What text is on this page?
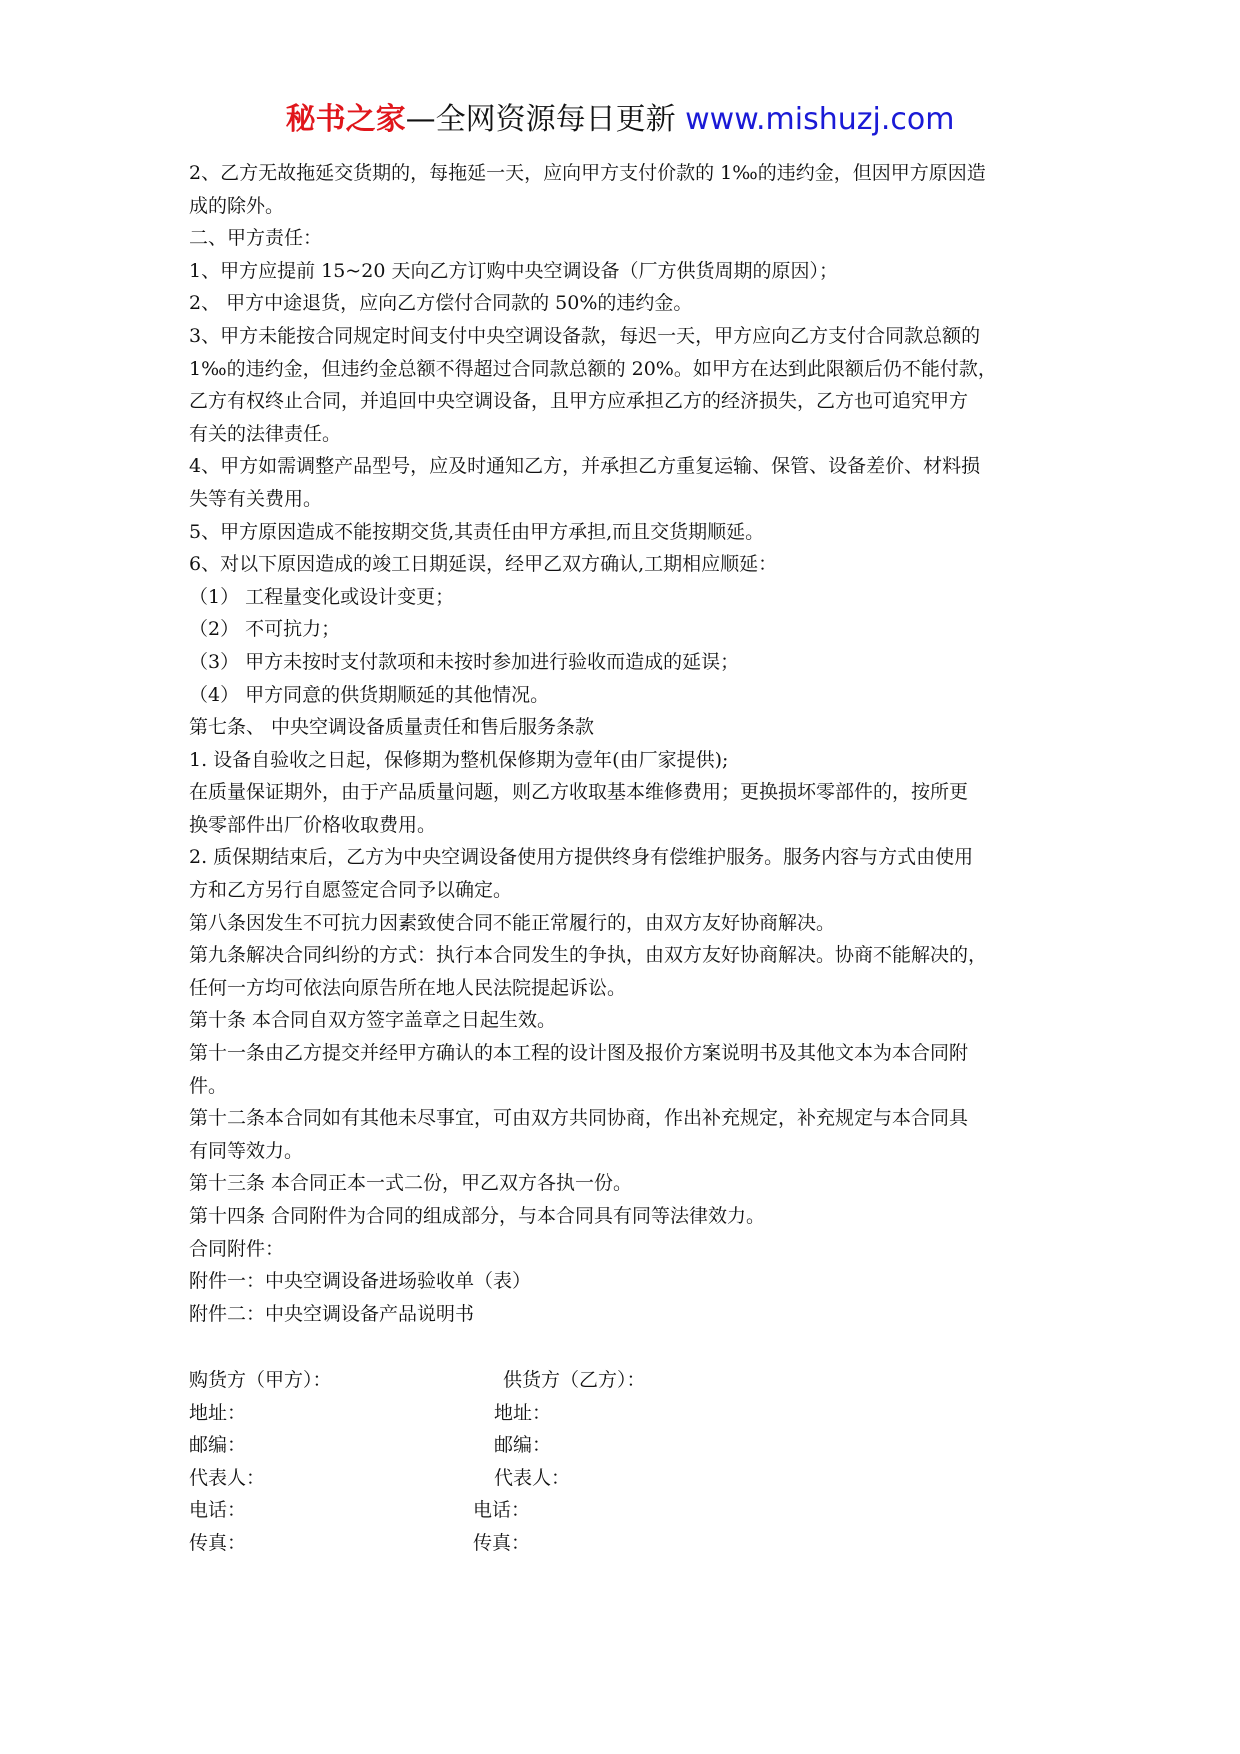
秘书之家—全网资源每日更新 www.mishuzj.com
2、乙方无故拖延交货期的，每拖延一天，应向甲方支付价款的 1‰的违约金，但因甲方原因造
成的除外。
二、甲方责任：
1、甲方应提前 15~20 天向乙方订购中央空调设备（厂方供货周期的原因）；
2、 甲方中途退货，应向乙方偿付合同款的 50%的违约金。
3、甲方未能按合同规定时间支付中央空调设备款，每迟一天，甲方应向乙方支付合同款总额的
1‰的违约金，但违约金总额不得超过合同款总额的 20%。如甲方在达到此限额后仍不能付款，
乙方有权终止合同，并追回中央空调设备，且甲方应承担乙方的经济损失，乙方也可追究甲方
有关的法律责任。
4、甲方如需调整产品型号，应及时通知乙方，并承担乙方重复运输、保管、设备差价、材料损
失等有关费用。
5、甲方原因造成不能按期交货,其责任由甲方承担,而且交货期顺延。
6、对以下原因造成的竣工日期延误，经甲乙双方确认,工期相应顺延：
（1） 工程量变化或设计变更；
（2） 不可抗力；
（3） 甲方未按时支付款项和未按时参加进行验收而造成的延误；
（4） 甲方同意的供货期顺延的其他情况。
第七条、 中央空调设备质量责任和售后服务条款
1. 设备自验收之日起，保修期为整机保修期为壹年(由厂家提供);
在质量保证期外，由于产品质量问题，则乙方收取基本维修费用；更换损坏零部件的，按所更
换零部件出厂价格收取费用。
2. 质保期结束后，乙方为中央空调设备使用方提供终身有偿维护服务。服务内容与方式由使用
方和乙方另行自愿签定合同予以确定。
第八条因发生不可抗力因素致使合同不能正常履行的，由双方友好协商解决。
第九条解决合同纠纷的方式：执行本合同发生的争执，由双方友好协商解决。协商不能解决的，
任何一方均可依法向原告所在地人民法院提起诉讼。
第十条 本合同自双方签字盖章之日起生效。
第十一条由乙方提交并经甲方确认的本工程的设计图及报价方案说明书及其他文本为本合同附
件。
第十二条本合同如有其他未尽事宜，可由双方共同协商，作出补充规定，补充规定与本合同具
有同等效力。
第十三条 本合同正本一式二份，甲乙双方各执一份。
第十四条 合同附件为合同的组成部分，与本合同具有同等法律效力。
合同附件：
附件一：中央空调设备进场验收单（表）
附件二：中央空调设备产品说明书
购货方（甲方）：	供货方（乙方）：
地址：	地址：
邮编：	邮编：
代表人：	代表人：
电话：	电话：
传真：	传真：
